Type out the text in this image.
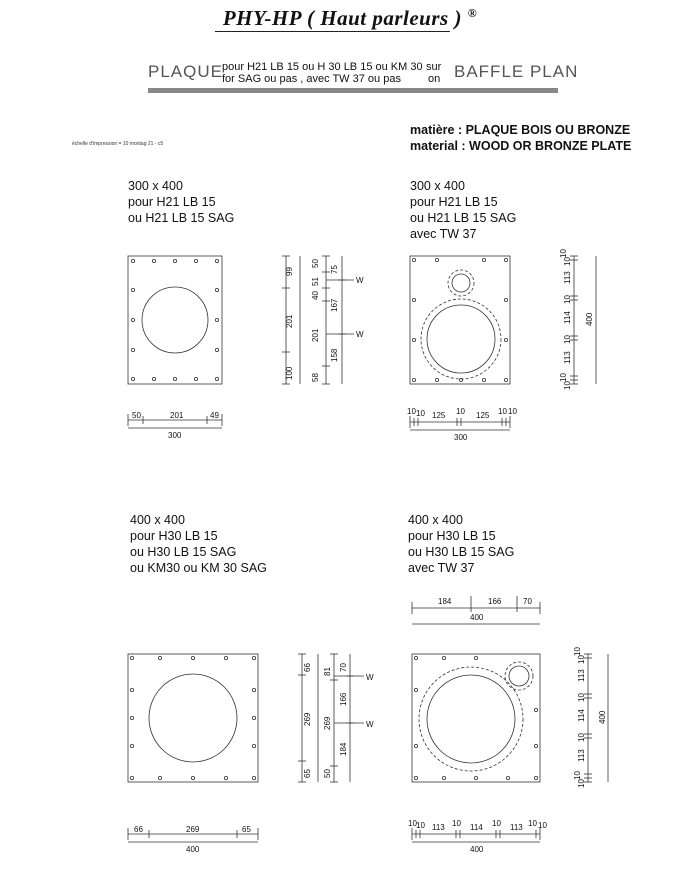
PHY-HP ( Haut parleurs ) ®
PLAQUE pour H21 LB 15 ou H 30 LB 15 ou KM 30
for SAG ou pas , avec TW 37 ou pas
sur
on BAFFLE PLAN
échelle d'impression = 10 montag 21 - c5
matière : PLAQUE BOIS OU BRONZE
material : WOOD OR BRONZE PLATE
300 x 400
pour H21 LB 15
ou H21 LB 15 SAG
300 x 400
pour H21 LB 15
ou H21 LB 15 SAG
avec TW 37
400 x 400
pour H30 LB 15
ou H30 LB 15 SAG
ou KM30 ou KM 30 SAG
400 x 400
pour H30 LB 15
ou H30 LB 15 SAG
avec TW 37
50	201	49
300
99
201
100
50
51
40
201
58
75
167
158
W
W
10 10 125 10 125 10 10
300
10
10
113
10
114
10
113
10
10
400
66	269	65
400
66
269
65
81
269
50
70
166
184
W
W
184	166	70
400
10 10 113 10 114 10 113 10 10
400
10
10
113
10
114
10
113
10
10
400
